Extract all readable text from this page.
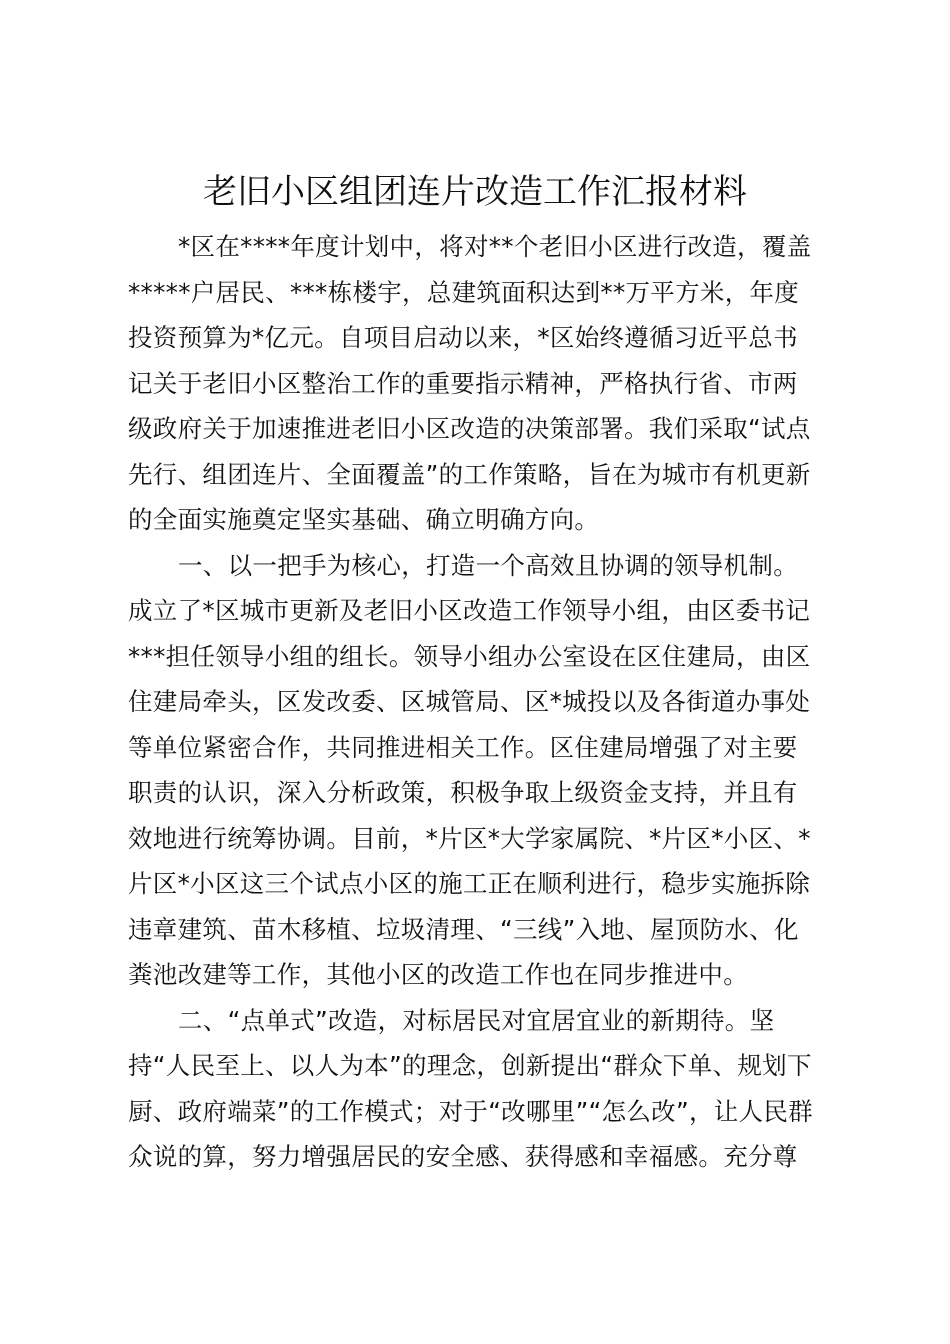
老旧小区组团连片改造工作汇报材料
*区在****年度计划中，将对**个老旧小区进行改造，覆盖
*****户居民、***栋楼宇，总建筑面积达到**万平方米，年度
投资预算为*亿元。自项目启动以来，*区始终遵循习近平总书
记关于老旧小区整治工作的重要指示精神，严格执行省、市两
级政府关于加速推进老旧小区改造的决策部署。我们采取“试点
先行、组团连片、全面覆盖”的工作策略，旨在为城市有机更新
的全面实施奠定坚实基础、确立明确方向。
一、以一把手为核心，打造一个高效且协调的领导机制。
成立了*区城市更新及老旧小区改造工作领导小组，由区委书记
***担任领导小组的组长。领导小组办公室设在区住建局，由区
住建局牵头，区发改委、区城管局、区*城投以及各街道办事处
等单位紧密合作，共同推进相关工作。区住建局增强了对主要
职责的认识，深入分析政策，积极争取上级资金支持，并且有
效地进行统筹协调。目前，*片区*大学家属院、*片区*小区、*
片区*小区这三个试点小区的施工正在顺利进行，稳步实施拆除
违章建筑、苗木移植、垃圾清理、“三线”入地、屋顶防水、化
粪池改建等工作，其他小区的改造工作也在同步推进中。
二、“点单式”改造，对标居民对宜居宜业的新期待。坚
持“人民至上、以人为本”的理念，创新提出“群众下单、规划下
厨、政府端菜”的工作模式；对于“改哪里”“怎么改”，让人民群
众说的算，努力增强居民的安全感、获得感和幸福感。充分尊
